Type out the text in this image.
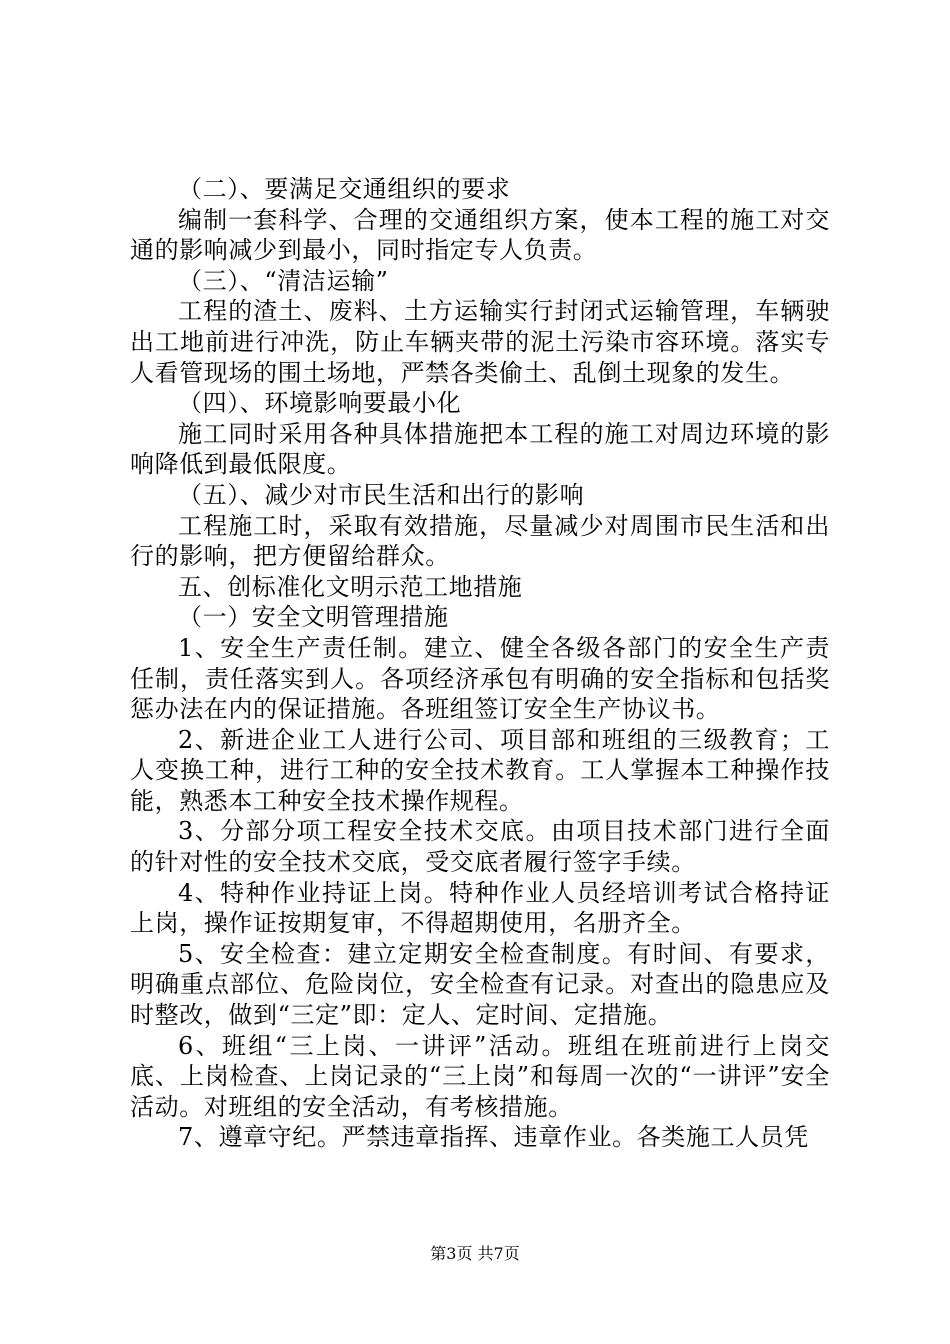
（二）、要满足交通组织的要求

编制一套科学、合理的交通组织方案，使本工程的施工对交通的影响减少到最小，同时指定专人负责。

（三）、“清洁运输”

工程的渣土、废料、土方运输实行封闭式运输管理，车辆驶出工地前进行冲洗，防止车辆夹带的泥土污染市容环境。落实专人看管现场的围土场地，严禁各类偷土、乱倒土现象的发生。

（四）、环境影响要最小化

施工同时采用各种具体措施把本工程的施工对周边环境的影响降低到最低限度。

（五）、减少对市民生活和出行的影响

工程施工时，采取有效措施，尽量减少对周围市民生活和出行的影响，把方便留给群众。

五、创标准化文明示范工地措施

（一）安全文明管理措施

1、安全生产责任制。建立、健全各级各部门的安全生产责任制，责任落实到人。各项经济承包有明确的安全指标和包括奖惩办法在内的保证措施。各班组签订安全生产协议书。

2、新进企业工人进行公司、项目部和班组的三级教育；工人变换工种，进行工种的安全技术教育。工人掌握本工种操作技能，熟悉本工种安全技术操作规程。

3、分部分项工程安全技术交底。由项目技术部门进行全面的针对性的安全技术交底，受交底者履行签字手续。

4、特种作业持证上岗。特种作业人员经培训考试合格持证上岗，操作证按期复审，不得超期使用，名册齐全。

5、安全检查：建立定期安全检查制度。有时间、有要求，明确重点部位、危险岗位，安全检查有记录。对查出的隐患应及时整改，做到“三定”即：定人、定时间、定措施。

6、班组“三上岗、一讲评”活动。班组在班前进行上岗交底、上岗检查、上岗记录的“三上岗”和每周一次的“一讲评”安全活动。对班组的安全活动，有考核措施。

7、遵章守纪。严禁违章指挥、违章作业。各类施工人员凭

第3页 共7页
